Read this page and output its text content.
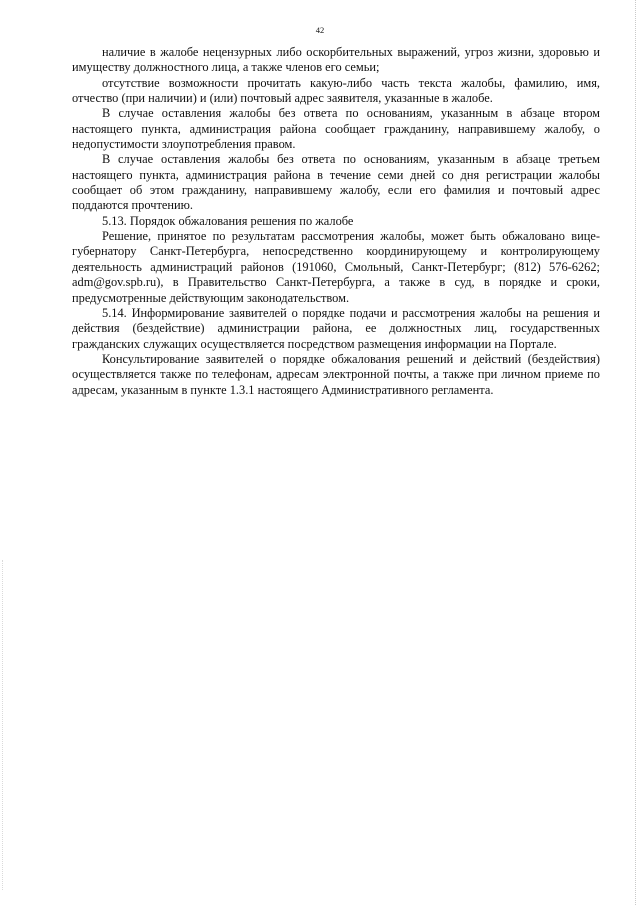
42

наличие в жалобе нецензурных либо оскорбительных выражений, угроз жизни, здоровью и имуществу должностного лица, а также членов его семьи;

отсутствие возможности прочитать какую-либо часть текста жалобы, фамилию, имя, отчество (при наличии) и (или) почтовый адрес заявителя, указанные в жалобе.

В случае оставления жалобы без ответа по основаниям, указанным в абзаце втором настоящего пункта, администрация района сообщает гражданину, направившему жалобу, о недопустимости злоупотребления правом.

В случае оставления жалобы без ответа по основаниям, указанным в абзаце третьем настоящего пункта, администрация района в течение семи дней со дня регистрации жалобы сообщает об этом гражданину, направившему жалобу, если его фамилия и почтовый адрес поддаются прочтению.

5.13. Порядок обжалования решения по жалобе

Решение, принятое по результатам рассмотрения жалобы, может быть обжаловано вице-губернатору Санкт-Петербурга, непосредственно координирующему и контролирующему деятельность администраций районов (191060, Смольный, Санкт-Петербург; (812) 576-6262; adm@gov.spb.ru), в Правительство Санкт-Петербурга, а также в суд, в порядке и сроки, предусмотренные действующим законодательством.

5.14. Информирование заявителей о порядке подачи и рассмотрения жалобы на решения и действия (бездействие) администрации района, ее должностных лиц, государственных гражданских служащих осуществляется посредством размещения информации на Портале.

Консультирование заявителей о порядке обжалования решений и действий (бездействия) осуществляется также по телефонам, адресам электронной почты, а также при личном приеме по адресам, указанным в пункте 1.3.1 настоящего Административного регламента.
